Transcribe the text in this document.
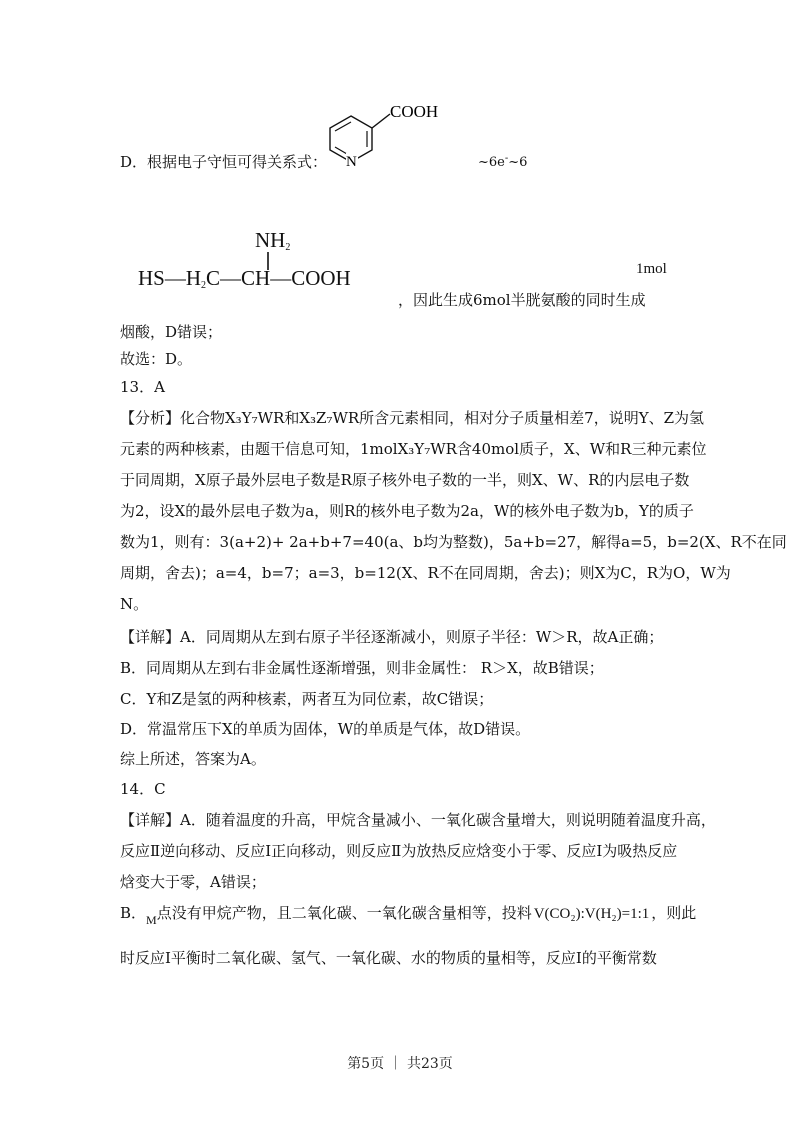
D．根据电子守恒可得关系式：
COOH
N	~6e-~6
$NH_2$
$HS—H_2C—CH—COOH$	1mol
，因此生成6mol半胱氨酸的同时生成
烟酸，D错误；
故选：D。
13．A
【分析】化合物X₃Y₇WR和X₃Z₇WR所含元素相同，相对分子质量相差7，说明Y、Z为氢
元素的两种核素，由题干信息可知，1molX₃Y₇WR含40mol质子，X、W和R三种元素位
于同周期，X原子最外层电子数是R原子核外电子数的一半，则X、W、R的内层电子数
为2，设X的最外层电子数为a，则R的核外电子数为2a，W的核外电子数为b，Y的质子
数为1，则有：3(a+2)+ 2a+b+7=40(a、b均为整数)，5a+b=27，解得a=5，b=2(X、R不在同
周期，舍去)；a=4，b=7；a=3，b=12(X、R不在同周期，舍去)；则X为C，R为O，W为
N。
【详解】A．同周期从左到右原子半径逐渐减小，则原子半径：W＞R，故A正确；
B．同周期从左到右非金属性逐渐增强，则非金属性： R＞X，故B错误；
C．Y和Z是氢的两种核素，两者互为同位素，故C错误；
D．常温常压下X的单质为固体，W的单质是气体，故D错误。
综上所述，答案为A。
14．C
【详解】A．随着温度的升高，甲烷含量减小、一氧化碳含量增大，则说明随着温度升高，
反应Ⅱ逆向移动、反应Ⅰ正向移动，则反应Ⅱ为放热反应焓变小于零、反应Ⅰ为吸热反应
焓变大于零，A错误；
B．$_M$点没有甲烷产物，且二氧化碳、一氧化碳含量相等，投料 V(CO₂):V(H₂)=1:1 ，则此
时反应Ⅰ平衡时二氧化碳、氢气、一氧化碳、水的物质的量相等，反应Ⅰ的平衡常数
第5页 ｜ 共23页
